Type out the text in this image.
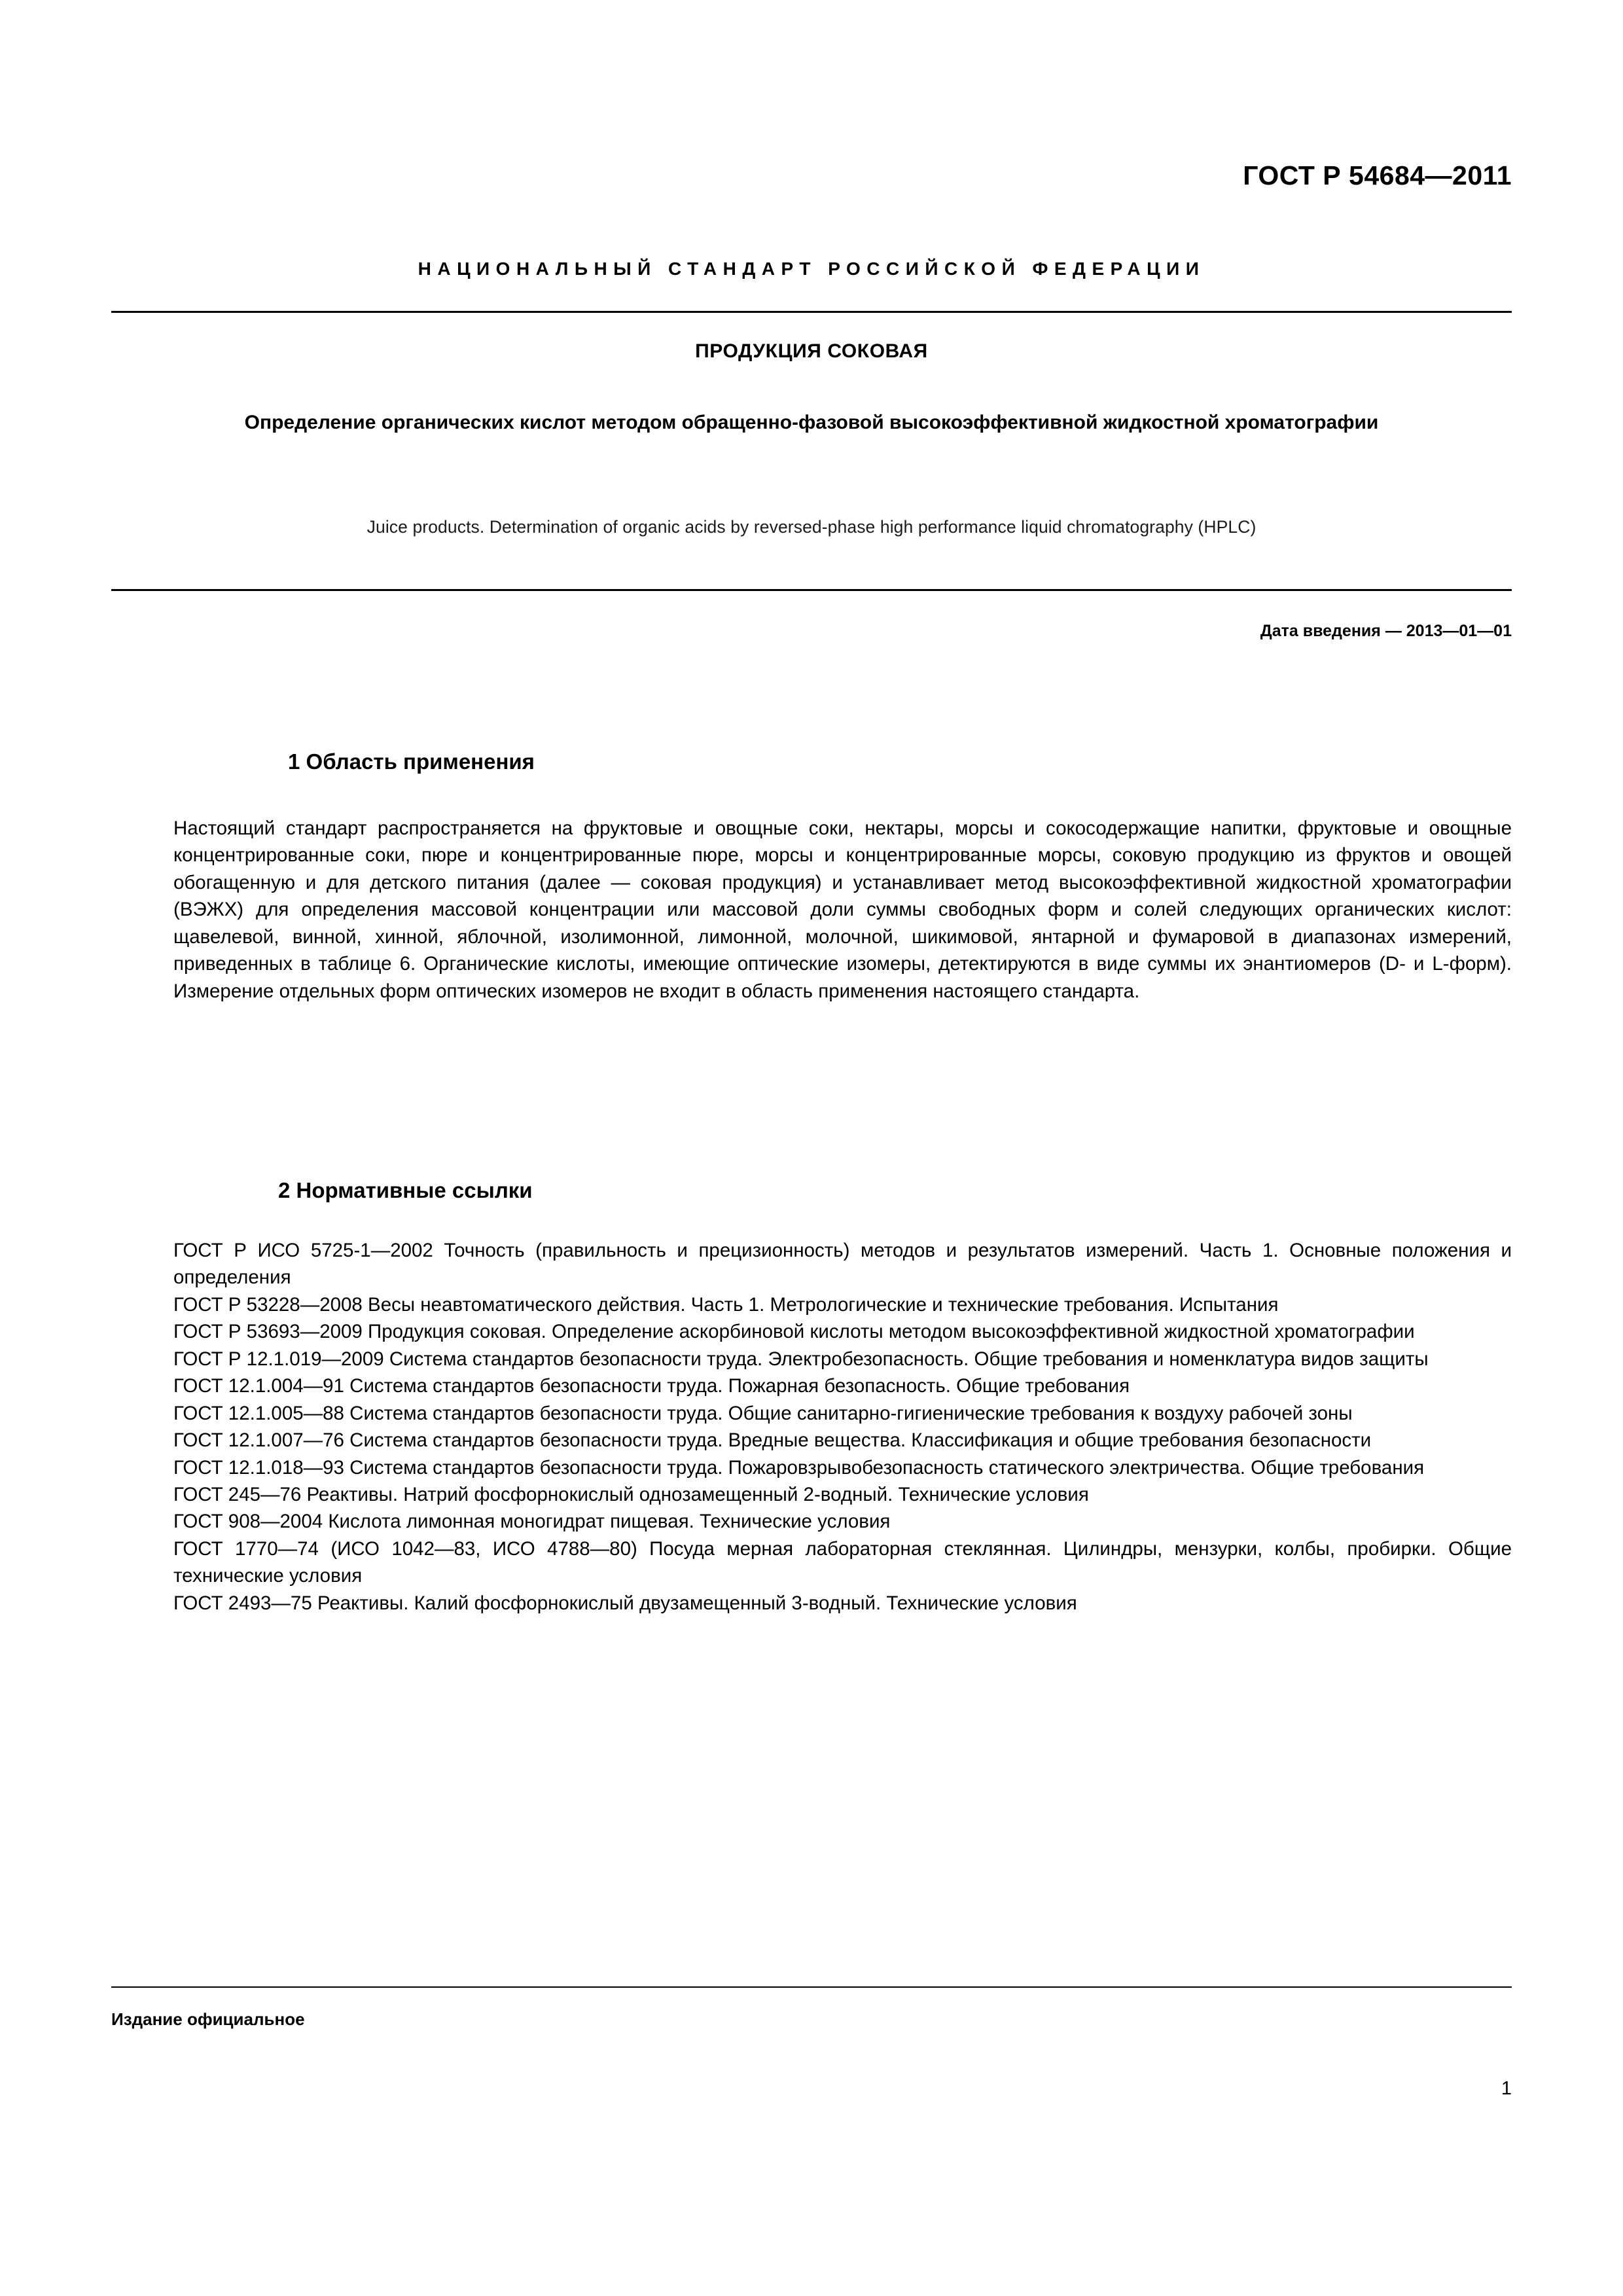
ГОСТ Р 54684—2011
НАЦИОНАЛЬНЫЙ СТАНДАРТ РОССИЙСКОЙ ФЕДЕРАЦИИ
ПРОДУКЦИЯ СОКОВАЯ
Определение органических кислот методом обращенно-фазовой высокоэффективной жидкостной хроматографии
Juice products. Determination of organic acids by reversed-phase high performance liquid chromatography (HPLC)
Дата введения — 2013—01—01
1 Область применения

Настоящий стандарт распространяется на фруктовые и овощные соки, нектары, морсы и сокосодержащие напитки, фруктовые и овощные концентрированные соки, пюре и концентрированные пюре, морсы и концентрированные морсы, соковую продукцию из фруктов и овощей обогащенную и для детского питания (далее — соковая продукция) и устанавливает метод высокоэффективной жидкостной хроматографии (ВЭЖХ) для определения массовой концентрации или массовой доли суммы свободных форм и солей следующих органических кислот: щавелевой, винной, хинной, яблочной, изолимонной, лимонной, молочной, шикимовой, янтарной и фумаровой в диапазонах измерений, приведенных в таблице 6. Органические кислоты, имеющие оптические изомеры, детектируются в виде суммы их энантиомеров (D- и L-форм). Измерение отдельных форм оптических изомеров не входит в область применения настоящего стандарта.

2 Нормативные ссылки

ГОСТ Р ИСО 5725-1—2002 Точность (правильность и прецизионность) методов и результатов измерений. Часть 1. Основные положения и определения

ГОСТ Р 53228—2008 Весы неавтоматического действия. Часть 1. Метрологические и технические требования. Испытания

ГОСТ Р 53693—2009 Продукция соковая. Определение аскорбиновой кислоты методом высокоэффективной жидкостной хроматографии

ГОСТ Р 12.1.019—2009 Система стандартов безопасности труда. Электробезопасность. Общие требования и номенклатура видов защиты

ГОСТ 12.1.004—91 Система стандартов безопасности труда. Пожарная безопасность. Общие требования

ГОСТ 12.1.005—88 Система стандартов безопасности труда. Общие санитарно-гигиенические требования к воздуху рабочей зоны

ГОСТ 12.1.007—76 Система стандартов безопасности труда. Вредные вещества. Классификация и общие требования безопасности

ГОСТ 12.1.018—93 Система стандартов безопасности труда. Пожаровзрывобезопасность статического электричества. Общие требования

ГОСТ 245—76 Реактивы. Натрий фосфорнокислый однозамещенный 2-водный. Технические условия

ГОСТ 908—2004 Кислота лимонная моногидрат пищевая. Технические условия

ГОСТ 1770—74 (ИСО 1042—83, ИСО 4788—80) Посуда мерная лабораторная стеклянная. Цилиндры, мензурки, колбы, пробирки. Общие технические условия

ГОСТ 2493—75 Реактивы. Калий фосфорнокислый двузамещенный 3-водный. Технические условия

Издание официальное
1
